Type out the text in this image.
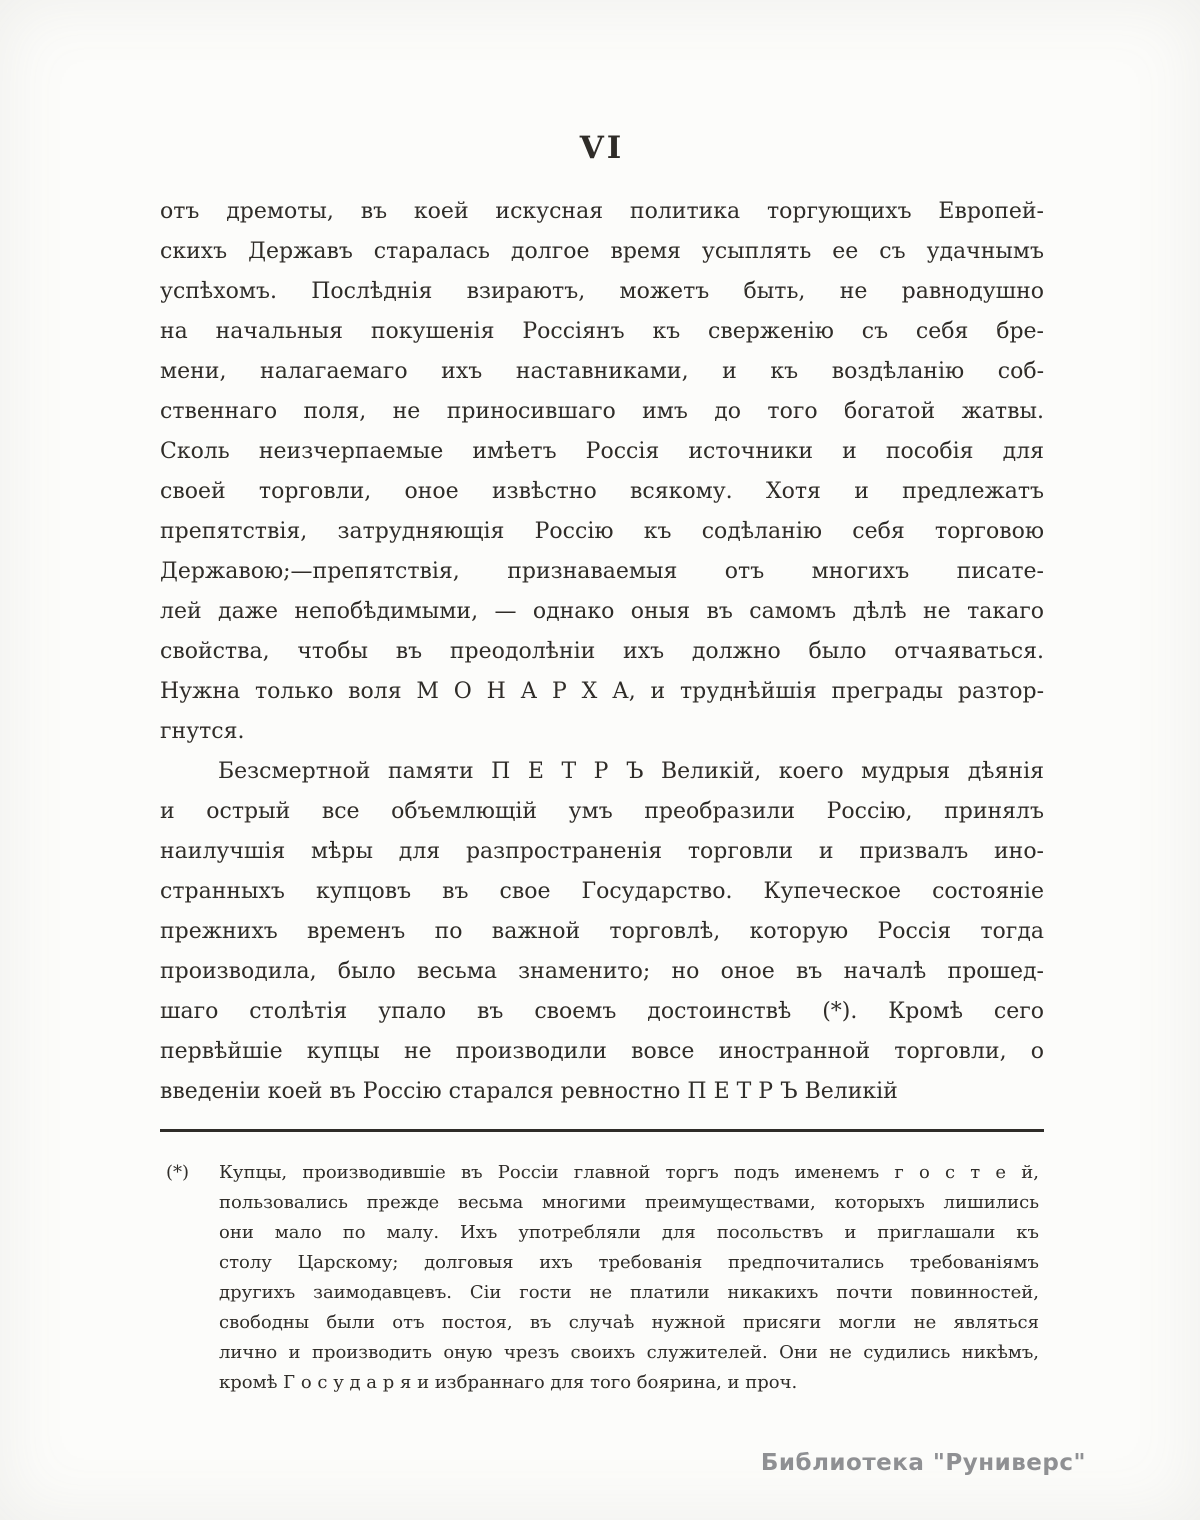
VI
отъ дремоты, въ коей искусная политика торгующихъ Европей-
скихъ Державъ старалась долгое время усыплять ее съ удачнымъ
успѣхомъ. Послѣднія взираютъ, можетъ быть, не равнодушно
на начальныя покушенія Россіянъ къ сверженію съ себя бре-
мени, налагаемаго ихъ наставниками, и къ воздѣланію соб-
ственнаго поля, не приносившаго имъ до того богатой жатвы.
Сколь неизчерпаемые имѣетъ Россія источники и пособія для
своей торговли, оное извѣстно всякому. Хотя и предлежатъ
препятствія, затрудняющія Россію къ содѣланію себя торговою
Державою;—препятствія, признаваемыя отъ многихъ писате-
лей даже непобѣдимыми, — однако оныя въ самомъ дѣлѣ не такаго
свойства, чтобы въ преодолѣніи ихъ должно было отчаяваться.
Нужна только воля М О Н А Р Х А, и труднѣйшія преграды разтор-
гнутся.
Безсмертной памяти П Е Т Р Ъ Великій, коего мудрыя дѣянія
и острый все объемлющій умъ преобразили Россію, принялъ
наилучшія мѣры для разпространенія торговли и призвалъ ино-
странныхъ купцовъ въ свое Государство. Купеческое состояніе
прежнихъ временъ по важной торговлѣ, которую Россія тогда
производила, было весьма знаменито; но оное въ началѣ прошед-
шаго столѣтія упало въ своемъ достоинствѣ (*). Кромѣ сего
первѣйшіе купцы не производили вовсе иностранной торговли, о
введеніи коей въ Россію старался ревностно П Е Т Р Ъ Великій
(*) Купцы, производившіе въ Россіи главной торгъ подъ именемъ г о с т е й,
пользовались прежде весьма многими преимуществами, которыхъ лишились
они мало по малу. Ихъ употребляли для посольствъ и приглашали къ
столу Царскому; долговыя ихъ требованія предпочитались требованіямъ
другихъ заимодавцевъ. Сіи гости не платили никакихъ почти повинностей,
свободны были отъ постоя, въ случаѣ нужной присяги могли не являться
лично и производить оную чрезъ своихъ служителей. Они не судились никѣмъ,
кромѣ Г о с у д а р я и избраннаго для того боярина, и проч.
Библиотека "Руниверс"
